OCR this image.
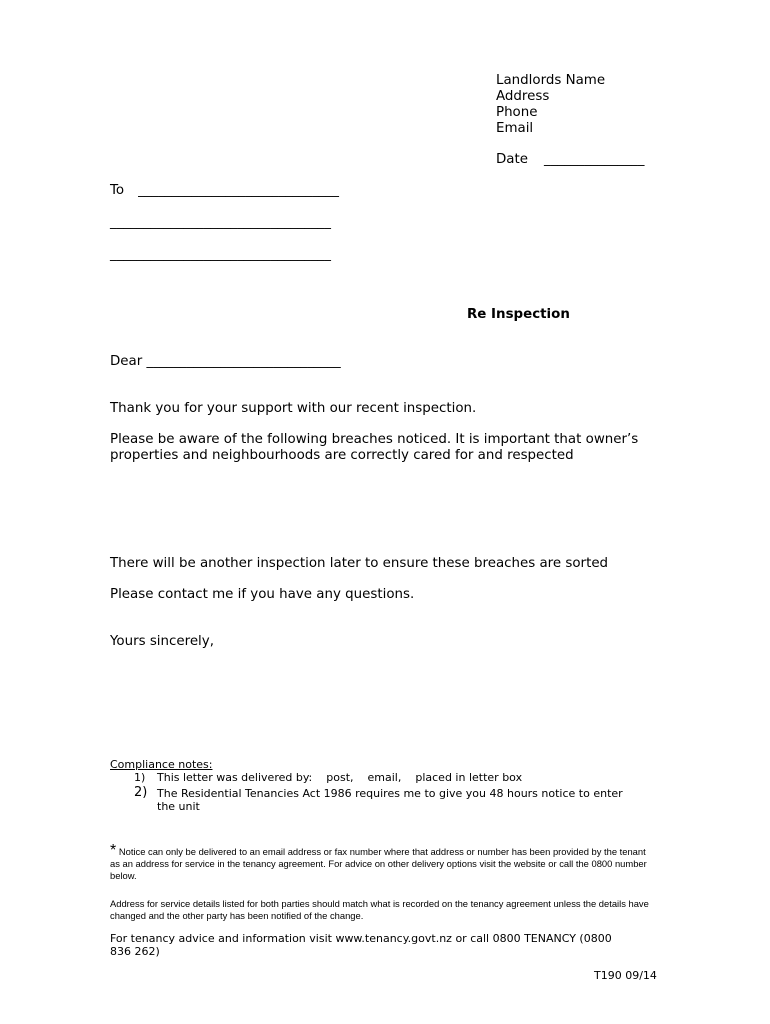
Landlords Name
Address
Phone
Email
Date _______________
To ______________________________
_________________________________
_________________________________
Re Inspection
Dear _____________________________
Thank you for your support with our recent inspection.
Please be aware of the following breaches noticed. It is important that owner’s
properties and neighbourhoods are correctly cared for and respected
There will be another inspection later to ensure these breaches are sorted
Please contact me if you have any questions.
Yours sincerely,
Compliance notes:
1) This letter was delivered by: post, email, placed in letter box
2) The Residential Tenancies Act 1986 requires me to give you 48 hours notice to enter
the unit
* Notice can only be delivered to an email address or fax number where that address or number has been provided by the tenant as an address for service in the tenancy agreement. For advice on other delivery options visit the website or call the 0800 number below.
Address for service details listed for both parties should match what is recorded on the tenancy agreement unless the details have changed and the other party has been notified of the change.
For tenancy advice and information visit www.tenancy.govt.nz or call 0800 TENANCY (0800
836 262)
T190 09/14
